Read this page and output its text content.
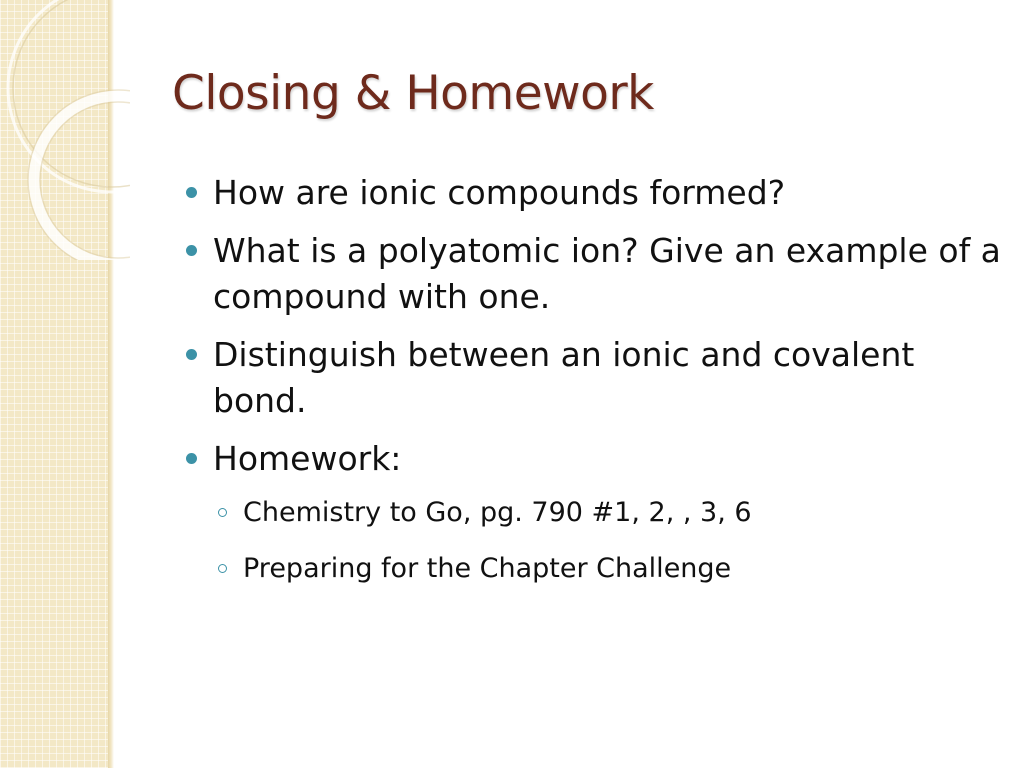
Closing & Homework
How are ionic compounds formed?
What is a polyatomic ion? Give an example of a compound with one.
Distinguish between an ionic and covalent bond.
Homework:
Chemistry to Go, pg. 790 #1, 2, , 3, 6
Preparing for the Chapter Challenge
